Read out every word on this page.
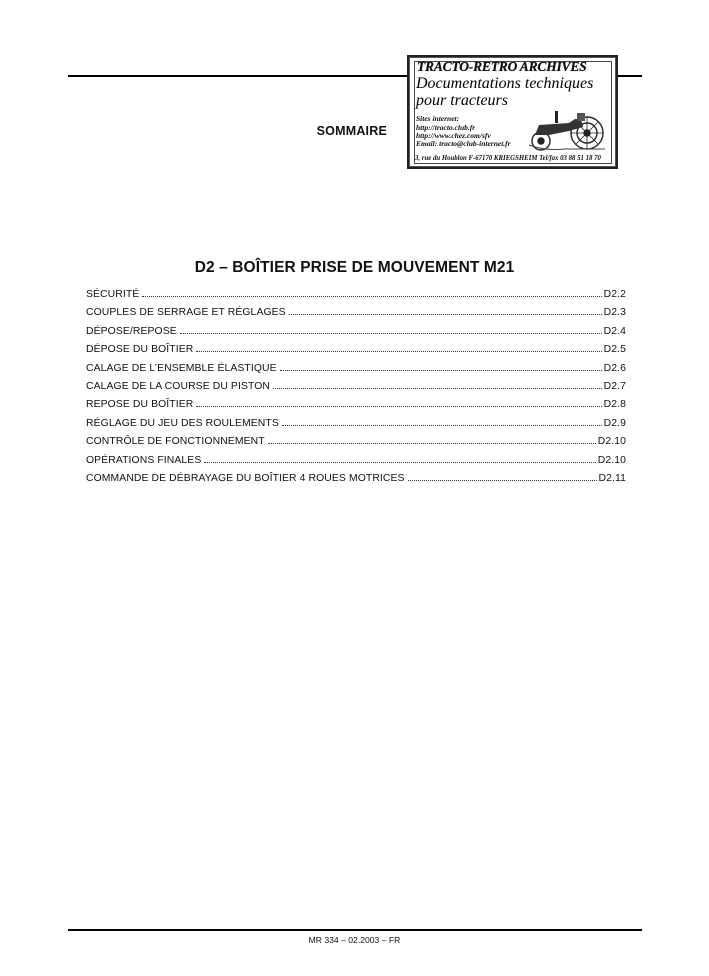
TRACTO-RETRO ARCHIVES
Documentations techniques
pour tracteurs
Sites internet:
http://tracto.club.fr
http://www.chez.com/sfv
Email: tracto@club-internet.fr
3, rue du Houblon F-67170 KRIEGSHEIM Tel/fax 03 88 51 18 70
SOMMAIRE
D2 – BOÎTIER PRISE DE MOUVEMENT M21
SÉCURITÉ	D2.2
COUPLES DE SERRAGE ET RÉGLAGES	D2.3
DÉPOSE/REPOSE	D2.4
DÉPOSE DU BOÎTIER	D2.5
CALAGE DE L’ENSEMBLE ÉLASTIQUE	D2.6
CALAGE DE LA COURSE DU PISTON	D2.7
REPOSE DU BOÎTIER	D2.8
RÉGLAGE DU JEU DES ROULEMENTS	D2.9
CONTRÔLE DE FONCTIONNEMENT	D2.10
OPÉRATIONS FINALES	D2.10
COMMANDE DE DÉBRAYAGE DU BOÎTIER 4 ROUES MOTRICES	D2.11
MR 334 – 02.2003 – FR
